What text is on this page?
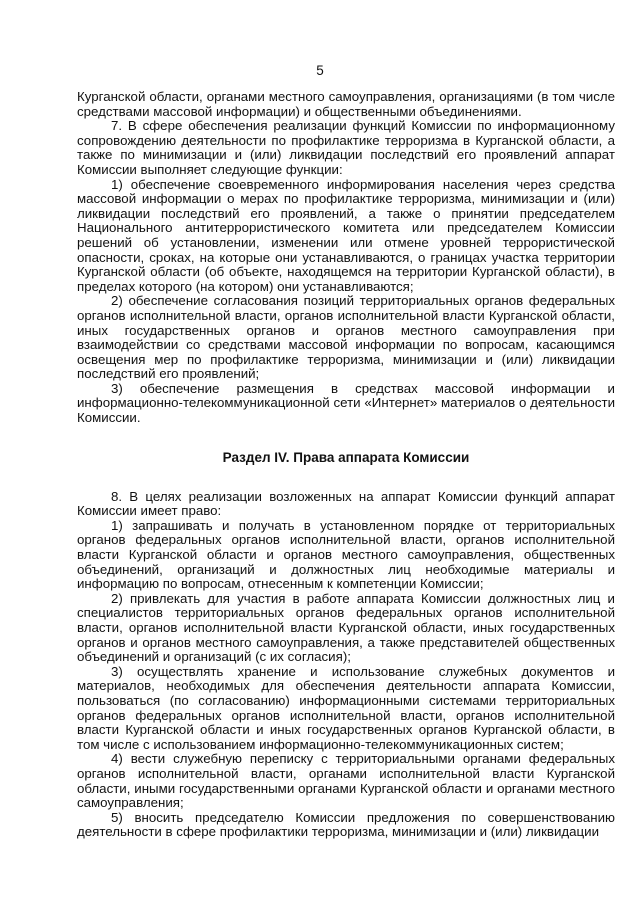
5

Курганской области, органами местного самоуправления, организациями (в том числе средствами массовой информации) и общественными объединениями.

7. В сфере обеспечения реализации функций Комиссии по информационному сопровождению деятельности по профилактике терроризма в Курганской области, а также по минимизации и (или) ликвидации последствий его проявлений аппарат Комиссии выполняет следующие функции:

1) обеспечение своевременного информирования населения через средства массовой информации о мерах по профилактике терроризма, минимизации и (или) ликвидации последствий его проявлений, а также о принятии председателем Национального антитеррористического комитета или председателем Комиссии решений об установлении, изменении или отмене уровней террористической опасности, сроках, на которые они устанавливаются, о границах участка территории Курганской области (об объекте, находящемся на территории Курганской области), в пределах которого (на котором) они устанавливаются;

2) обеспечение согласования позиций территориальных органов федеральных органов исполнительной власти, органов исполнительной власти Курганской области, иных государственных органов и органов местного самоуправления при взаимодействии со средствами массовой информации по вопросам, касающимся освещения мер по профилактике терроризма, минимизации и (или) ликвидации последствий его проявлений;

3) обеспечение размещения в средствах массовой информации и информационно-телекоммуникационной сети «Интернет» материалов о деятельности Комиссии.

Раздел IV. Права аппарата Комиссии

8. В целях реализации возложенных на аппарат Комиссии функций аппарат Комиссии имеет право:

1) запрашивать и получать в установленном порядке от территориальных органов федеральных органов исполнительной власти, органов исполнительной власти Курганской области и органов местного самоуправления, общественных объединений, организаций и должностных лиц необходимые материалы и информацию по вопросам, отнесенным к компетенции Комиссии;

2) привлекать для участия в работе аппарата Комиссии должностных лиц и специалистов территориальных органов федеральных органов исполнительной власти, органов исполнительной власти Курганской области, иных государственных органов и органов местного самоуправления, а также представителей общественных объединений и организаций (с их согласия);

3) осуществлять хранение и использование служебных документов и материалов, необходимых для обеспечения деятельности аппарата Комиссии, пользоваться (по согласованию) информационными системами территориальных органов федеральных органов исполнительной власти, органов исполнительной власти Курганской области и иных государственных органов Курганской области, в том числе с использованием информационно-телекоммуникационных систем;

4) вести служебную переписку с территориальными органами федеральных органов исполнительной власти, органами исполнительной власти Курганской области, иными государственными органами Курганской области и органами местного самоуправления;

5) вносить председателю Комиссии предложения по совершенствованию деятельности в сфере профилактики терроризма, минимизации и (или) ликвидации
